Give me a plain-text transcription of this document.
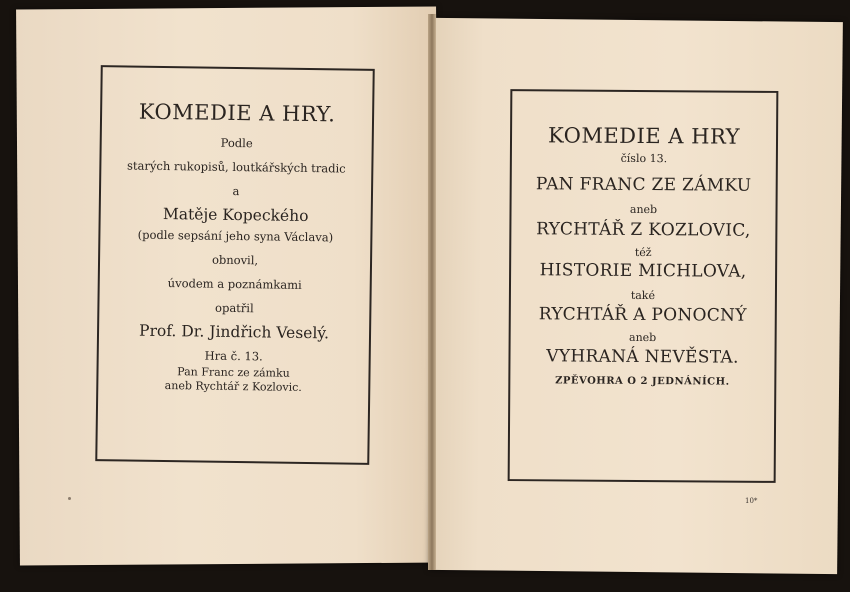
KOMEDIE A HRY.
Podle
starých rukopisů, loutkářských tradic
a
Matěje Kopeckého
(podle sepsání jeho syna Václava)
obnovil,
úvodem a poznámkami
opatřil
Prof. Dr. Jindřich Veselý.
Hra č. 13.
Pan Franc ze zámku
aneb Rychtář z Kozlovic.
KOMEDIE A HRY
číslo 13.
PAN FRANC ZE ZÁMKU
aneb
RYCHTÁŘ Z KOZLOVIC,
též
HISTORIE MICHLOVA,
také
RYCHTÁŘ A PONOCNÝ
aneb
VYHRANÁ NEVĚSTA.
ZPĚVOHRA O 2 JEDNÁNÍCH.
10*
